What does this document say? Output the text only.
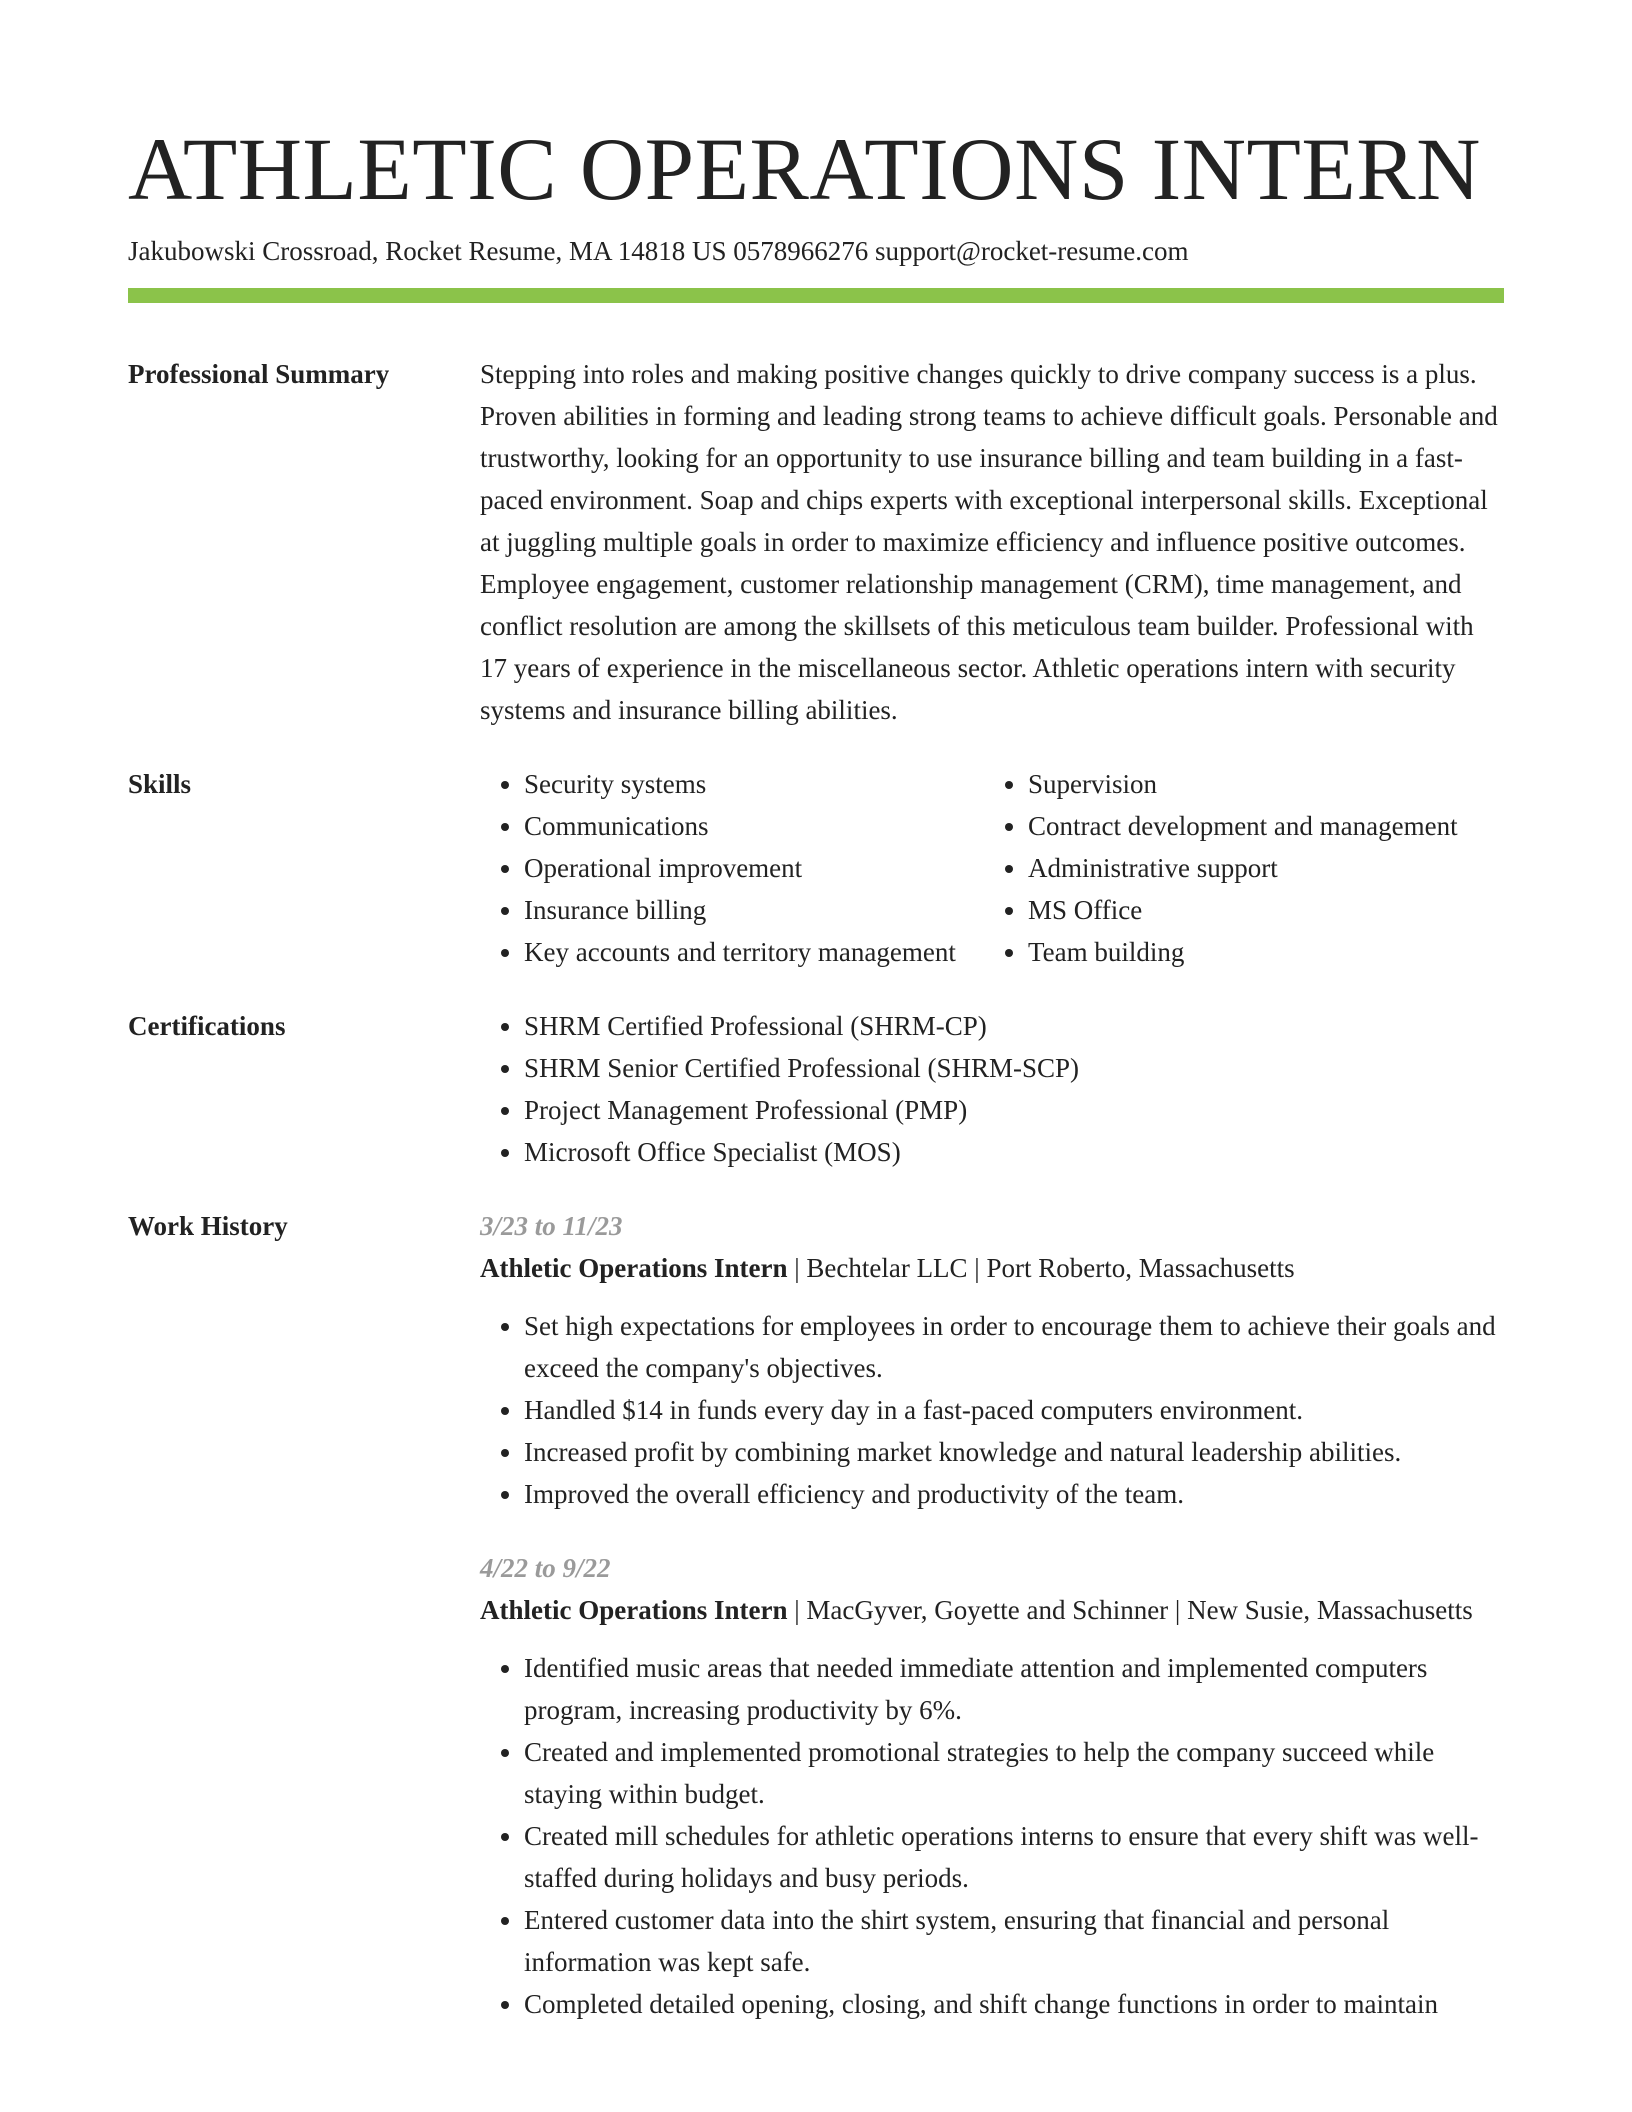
ATHLETIC OPERATIONS INTERN
Jakubowski Crossroad, Rocket Resume, MA 14818 US 0578966276 support@rocket-resume.com
Professional Summary	Stepping into roles and making positive changes quickly to drive company success is a plus. Proven abilities in forming and leading strong teams to achieve difficult goals. Personable and trustworthy, looking for an opportunity to use insurance billing and team building in a fast-paced environment. Soap and chips experts with exceptional interpersonal skills. Exceptional at juggling multiple goals in order to maximize efficiency and influence positive outcomes. Employee engagement, customer relationship management (CRM), time management, and conflict resolution are among the skillsets of this meticulous team builder. Professional with 17 years of experience in the miscellaneous sector. Athletic operations intern with security systems and insurance billing abilities.

Skills	• Security systems
• Communications
• Operational improvement
• Insurance billing
• Key accounts and territory management
• Supervision
• Contract development and management
• Administrative support
• MS Office
• Team building
Certifications	• SHRM Certified Professional (SHRM-CP)
• SHRM Senior Certified Professional (SHRM-SCP)
• Project Management Professional (PMP)
• Microsoft Office Specialist (MOS)
Work History	3/23 to 11/23
Athletic Operations Intern | Bechtelar LLC | Port Roberto, Massachusetts
• Set high expectations for employees in order to encourage them to achieve their goals and exceed the company's objectives.
• Handled $14 in funds every day in a fast-paced computers environment.
• Increased profit by combining market knowledge and natural leadership abilities.
• Improved the overall efficiency and productivity of the team.
4/22 to 9/22
Athletic Operations Intern | MacGyver, Goyette and Schinner | New Susie, Massachusetts
• Identified music areas that needed immediate attention and implemented computers program, increasing productivity by 6%.
• Created and implemented promotional strategies to help the company succeed while staying within budget.
• Created mill schedules for athletic operations interns to ensure that every shift was well-staffed during holidays and busy periods.
• Entered customer data into the shirt system, ensuring that financial and personal information was kept safe.
• Completed detailed opening, closing, and shift change functions in order to maintain
